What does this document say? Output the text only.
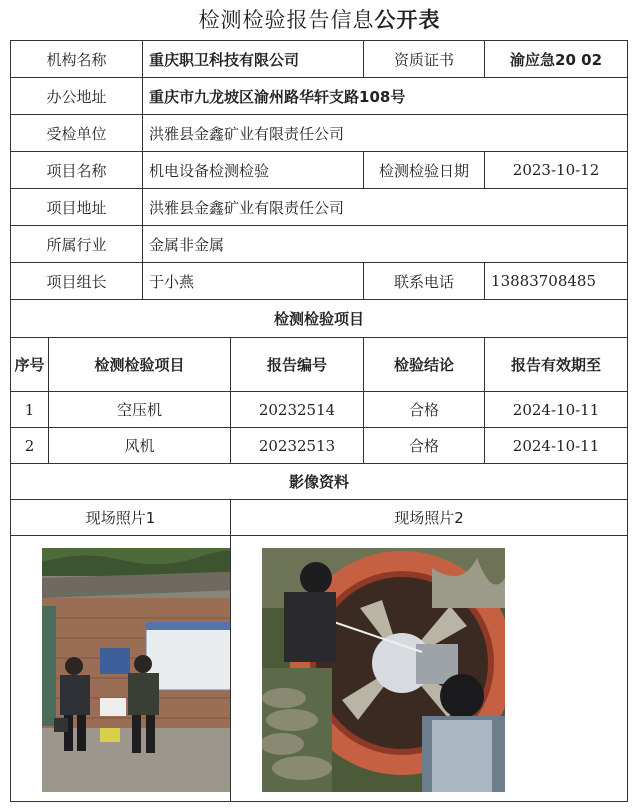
检测检验报告信息公开表
机构名称		重庆职卫科技有限公司		资质证书	渝应急20 02
办公地址		重庆市九龙坡区渝州路华轩支路108号			
受检单位		洪雅县金鑫矿业有限责任公司			
项目名称		机电设备检测检验		检测检验日期	2023-10-12
项目地址		洪雅县金鑫矿业有限责任公司			
所属行业		金属非金属			
项目组长		于小燕		联系电话	13883708485
检测检验项目					
序号	检测检验项目		报告编号	检验结论	报告有效期至
1	空压机		20232514	合格	2024-10-11
2	风机		20232513	合格	2024-10-11
影像资料					
现场照片1			现场照片2		
